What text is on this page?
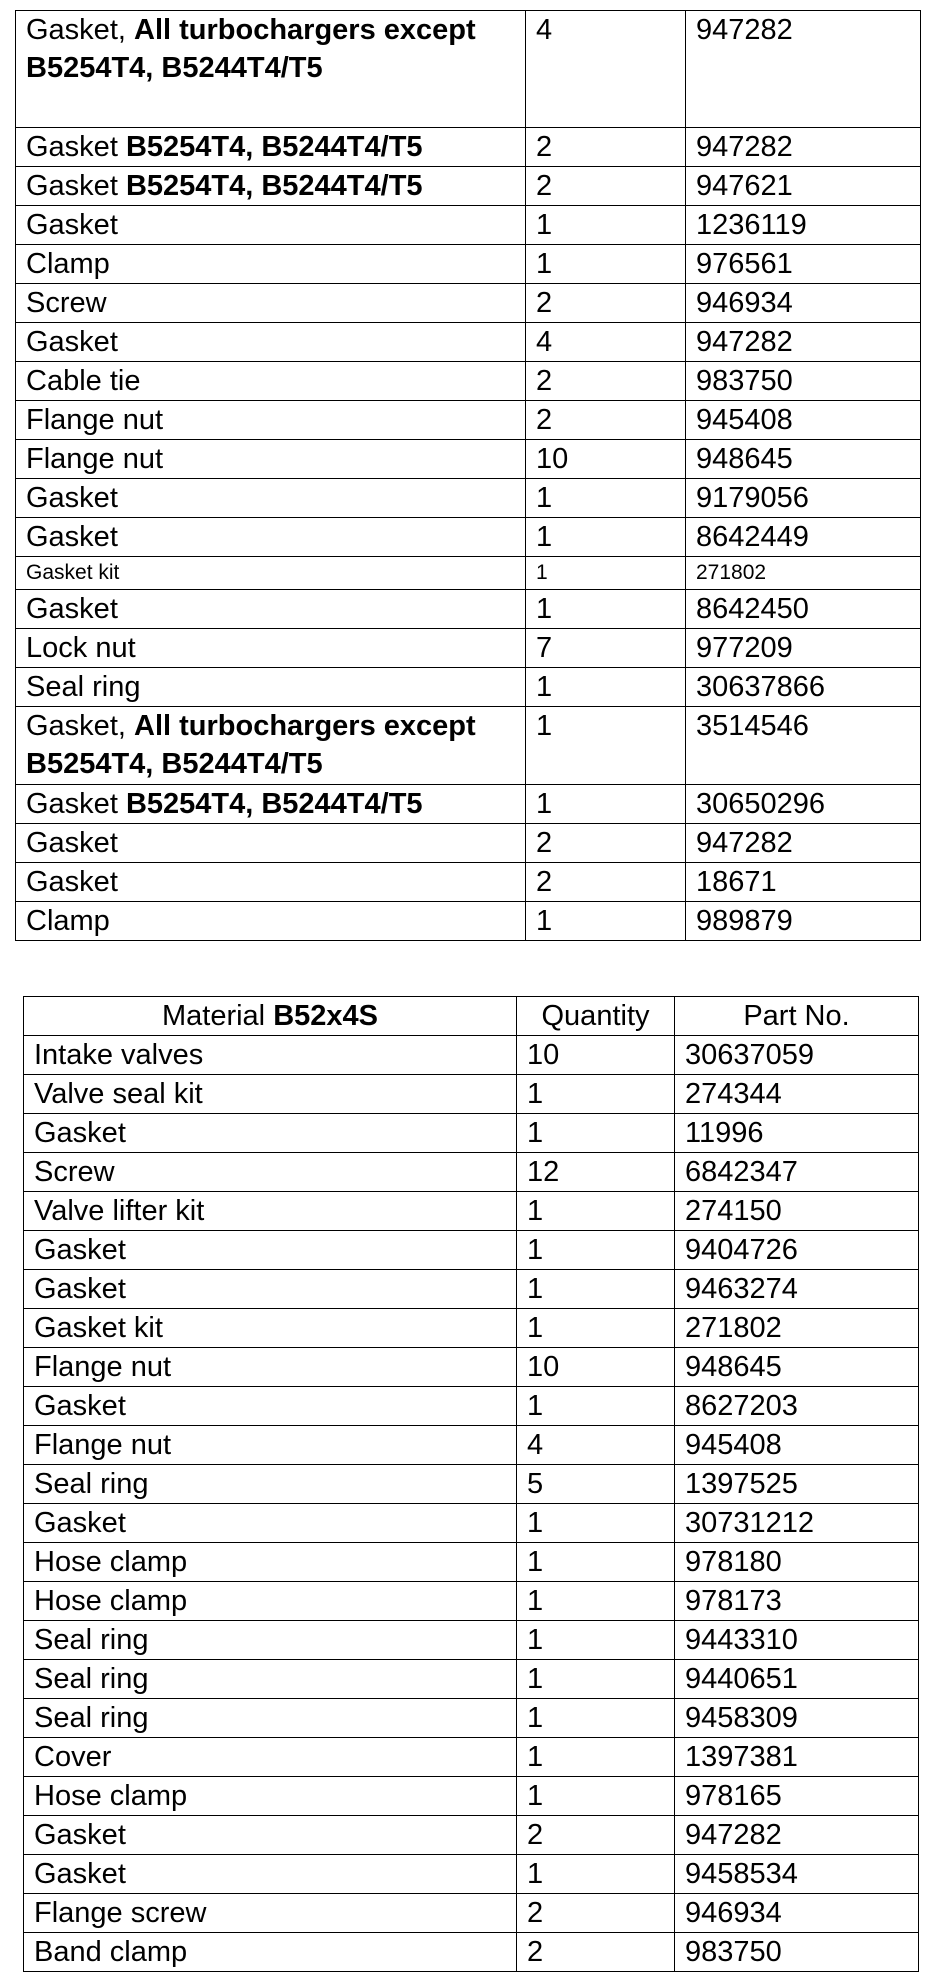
Gasket, All turbochargers except B5254T4, B5244T4/T5	4	947282
Gasket B5254T4, B5244T4/T5	2	947282
Gasket B5254T4, B5244T4/T5	2	947621
Gasket	1	1236119
Clamp	1	976561
Screw	2	946934
Gasket	4	947282
Cable tie	2	983750
Flange nut	2	945408
Flange nut	10	948645
Gasket	1	9179056
Gasket	1	8642449
Gasket kit	1	271802
Gasket	1	8642450
Lock nut	7	977209
Seal ring	1	30637866
Gasket, All turbochargers except B5254T4, B5244T4/T5	1	3514546
Gasket B5254T4, B5244T4/T5	1	30650296
Gasket	2	947282
Gasket	2	18671
Clamp	1	989879
Material B52x4S	Quantity	Part No.
Intake valves	10	30637059
Valve seal kit	1	274344
Gasket	1	11996
Screw	12	6842347
Valve lifter kit	1	274150
Gasket	1	9404726
Gasket	1	9463274
Gasket kit	1	271802
Flange nut	10	948645
Gasket	1	8627203
Flange nut	4	945408
Seal ring	5	1397525
Gasket	1	30731212
Hose clamp	1	978180
Hose clamp	1	978173
Seal ring	1	9443310
Seal ring	1	9440651
Seal ring	1	9458309
Cover	1	1397381
Hose clamp	1	978165
Gasket	2	947282
Gasket	1	9458534
Flange screw	2	946934
Band clamp	2	983750
